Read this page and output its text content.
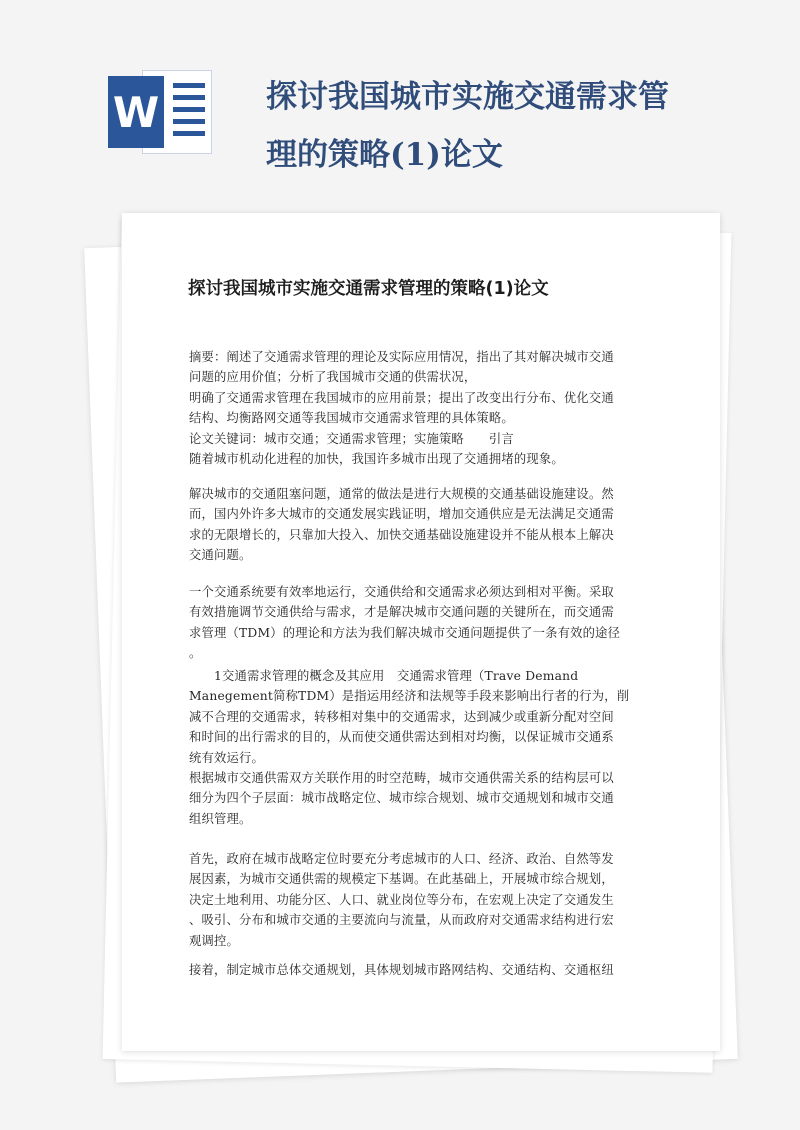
W	探讨我国城市实施交通需求管理的策略(1)论文
探讨我国城市实施交通需求管理的策略(1)论文

摘要：阐述了交通需求管理的理论及实际应用情况，指出了其对解决城市交通
问题的应用价值；分析了我国城市交通的供需状况，
明确了交通需求管理在我国城市的应用前景；提出了改变出行分布、优化交通
结构、均衡路网交通等我国城市交通需求管理的具体策略。
论文关键词：城市交通；交通需求管理；实施策略　　引言
随着城市机动化进程的加快，我国许多城市出现了交通拥堵的现象。

解决城市的交通阻塞问题，通常的做法是进行大规模的交通基础设施建设。然
而，国内外许多大城市的交通发展实践证明，增加交通供应是无法满足交通需
求的无限增长的，只靠加大投入、加快交通基础设施建设并不能从根本上解决
交通问题。

一个交通系统要有效率地运行，交通供给和交通需求必须达到相对平衡。采取
有效措施调节交通供给与需求，才是解决城市交通问题的关键所在，而交通需
求管理（TDM）的理论和方法为我们解决城市交通问题提供了一条有效的途径
。

　　1交通需求管理的概念及其应用　交通需求管理（Trave Demand
Manegement简称TDM）是指运用经济和法规等手段来影响出行者的行为，削
减不合理的交通需求，转移相对集中的交通需求，达到减少或重新分配对空间
和时间的出行需求的目的，从而使交通供需达到相对均衡，以保证城市交通系
统有效运行。
根据城市交通供需双方关联作用的时空范畴，城市交通供需关系的结构层可以
细分为四个子层面：城市战略定位、城市综合规划、城市交通规划和城市交通
组织管理。

首先，政府在城市战略定位时要充分考虑城市的人口、经济、政治、自然等发
展因素，为城市交通供需的规模定下基调。在此基础上，开展城市综合规划，
决定土地利用、功能分区、人口、就业岗位等分布，在宏观上决定了交通发生
、吸引、分布和城市交通的主要流向与流量，从而政府对交通需求结构进行宏
观调控。

接着，制定城市总体交通规划，具体规划城市路网结构、交通结构、交通枢纽
